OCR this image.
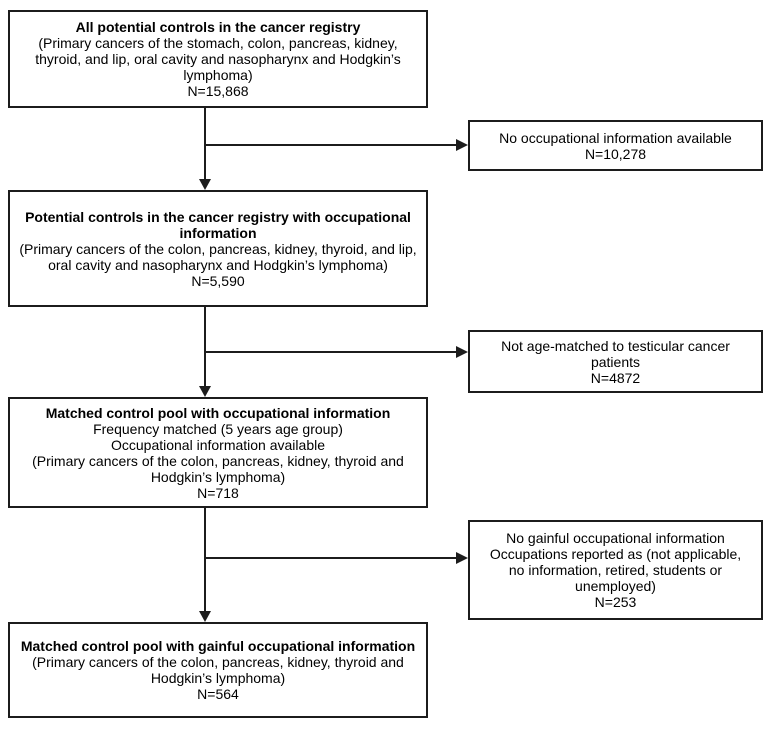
All potential controls in the cancer registry
(Primary cancers of the stomach, colon, pancreas, kidney, thyroid, and lip, oral cavity and nasopharynx and Hodgkin’s lymphoma)
N=15,868
No occupational information available
N=10,278
Potential controls in the cancer registry with occupational information
(Primary cancers of the colon, pancreas, kidney, thyroid, and lip, oral cavity and nasopharynx and Hodgkin’s lymphoma)
N=5,590
Not age-matched to testicular cancer patients
N=4872
Matched control pool with occupational information
Frequency matched (5 years age group)
Occupational information available
(Primary cancers of the colon, pancreas, kidney, thyroid and Hodgkin’s lymphoma)
N=718
No gainful occupational information
Occupations reported as (not applicable, no information, retired, students or unemployed)
N=253
Matched control pool with gainful occupational information
(Primary cancers of the colon, pancreas, kidney, thyroid and Hodgkin’s lymphoma)
N=564
